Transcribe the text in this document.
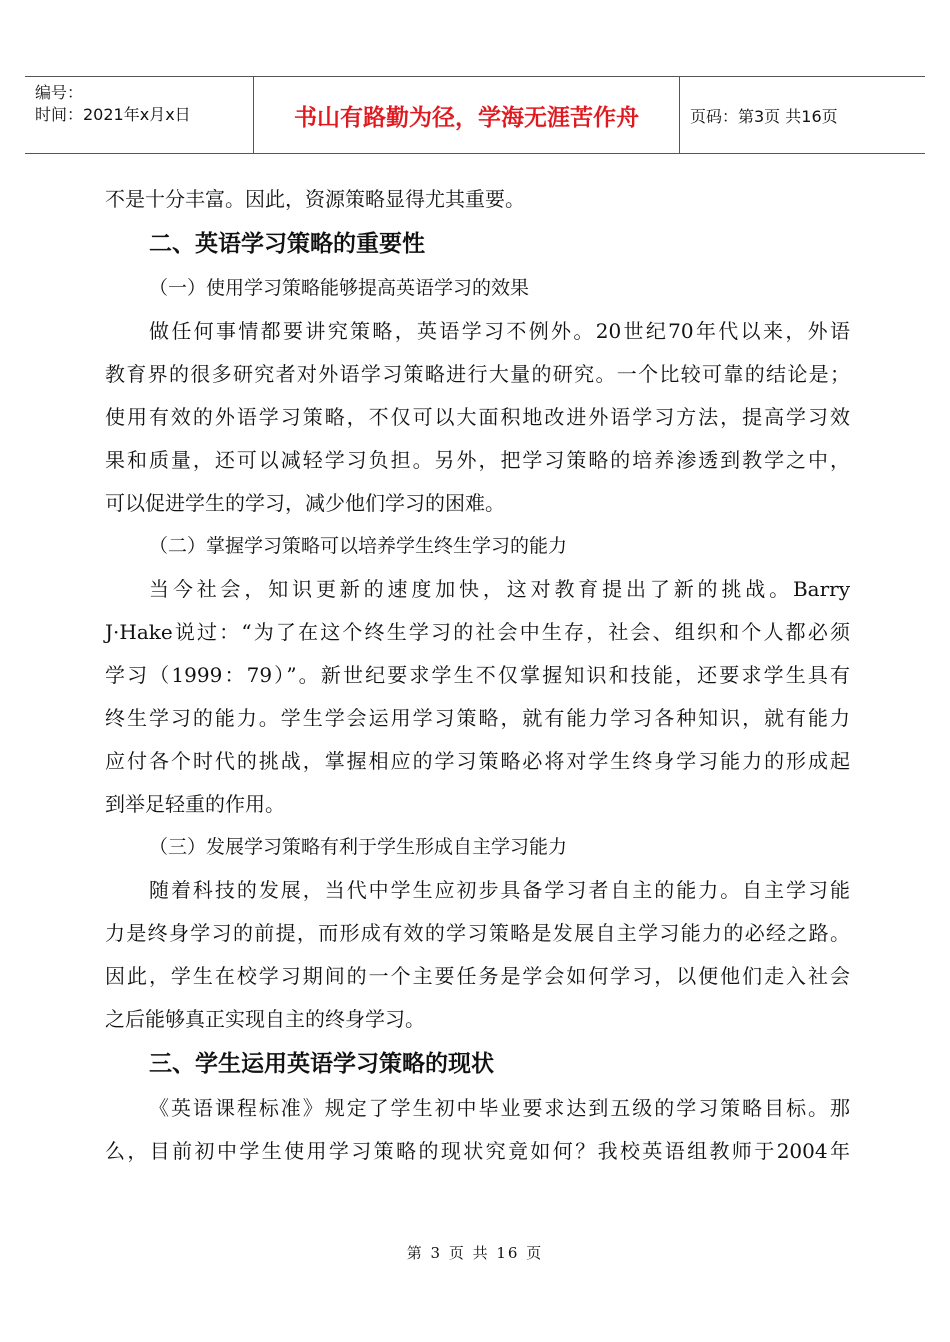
编号：
时间：2021年x月x日	书山有路勤为径，学海无涯苦作舟	页码：第3页 共16页

不是十分丰富。因此，资源策略显得尤其重要。

二、英语学习策略的重要性

（一）使用学习策略能够提高英语学习的效果

做任何事情都要讲究策略，英语学习不例外。20世纪70年代以来，外语

教育界的很多研究者对外语学习策略进行大量的研究。一个比较可靠的结论是；

使用有效的外语学习策略，不仅可以大面积地改进外语学习方法，提高学习效

果和质量，还可以减轻学习负担。另外，把学习策略的培养渗透到教学之中，

可以促进学生的学习，减少他们学习的困难。

（二）掌握学习策略可以培养学生终生学习的能力

当今社会，知识更新的速度加快，这对教育提出了新的挑战。Barry

J·Hake说过：“为了在这个终生学习的社会中生存，社会、组织和个人都必须

学习（1999：79）”。新世纪要求学生不仅掌握知识和技能，还要求学生具有

终生学习的能力。学生学会运用学习策略，就有能力学习各种知识，就有能力

应付各个时代的挑战，掌握相应的学习策略必将对学生终身学习能力的形成起

到举足轻重的作用。

（三）发展学习策略有利于学生形成自主学习能力

随着科技的发展，当代中学生应初步具备学习者自主的能力。自主学习能

力是终身学习的前提，而形成有效的学习策略是发展自主学习能力的必经之路。

因此，学生在校学习期间的一个主要任务是学会如何学习，以便他们走入社会

之后能够真正实现自主的终身学习。

三、学生运用英语学习策略的现状

《英语课程标准》规定了学生初中毕业要求达到五级的学习策略目标。那

么，目前初中学生使用学习策略的现状究竟如何？我校英语组教师于2004年

第 3 页 共 16 页
